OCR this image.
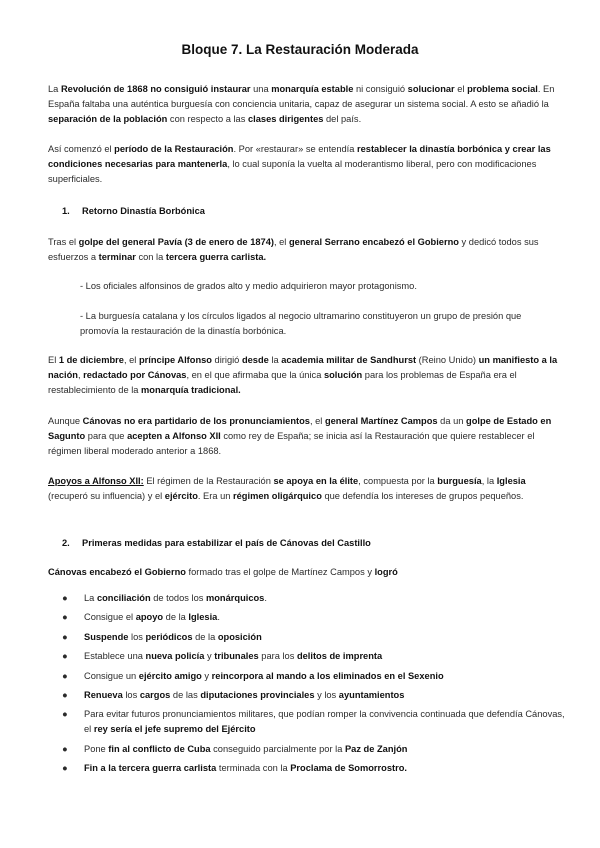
Bloque 7. La Restauración Moderada

La Revolución de 1868 no consiguió instaurar una monarquía estable ni consiguió solucionar el problema social. En España faltaba una auténtica burguesía con conciencia unitaria, capaz de asegurar un sistema social. A esto se añadió la separación de la población con respecto a las clases dirigentes del país.

Así comenzó el período de la Restauración. Por «restaurar» se entendía restablecer la dinastía borbónica y crear las condiciones necesarias para mantenerla, lo cual suponía la vuelta al moderantismo liberal, pero con modificaciones superficiales.

1. Retorno Dinastía Borbónica

Tras el golpe del general Pavía (3 de enero de 1874), el general Serrano encabezó el Gobierno y dedicó todos sus esfuerzos a terminar con la tercera guerra carlista.

- Los oficiales alfonsinos de grados alto y medio adquirieron mayor protagonismo.

- La burguesía catalana y los círculos ligados al negocio ultramarino constituyeron un grupo de presión que promovía la restauración de la dinastía borbónica.

El 1 de diciembre, el príncipe Alfonso dirigió desde la academia militar de Sandhurst (Reino Unido) un manifiesto a la nación, redactado por Cánovas, en el que afirmaba que la única solución para los problemas de España era el restablecimiento de la monarquía tradicional.

Aunque Cánovas no era partidario de los pronunciamientos, el general Martínez Campos da un golpe de Estado en Sagunto para que acepten a Alfonso XII como rey de España; se inicia así la Restauración que quiere restablecer el régimen liberal moderado anterior a 1868.

Apoyos a Alfonso XII: El régimen de la Restauración se apoya en la élite, compuesta por la burguesía, la Iglesia (recuperó su influencia) y el ejército. Era un régimen oligárquico que defendía los intereses de grupos pequeños.

2. Primeras medidas para estabilizar el país de Cánovas del Castillo

Cánovas encabezó el Gobierno formado tras el golpe de Martínez Campos y logró

● La conciliación de todos los monárquicos.
● Consigue el apoyo de la Iglesia.
● Suspende los periódicos de la oposición
● Establece una nueva policía y tribunales para los delitos de imprenta
● Consigue un ejército amigo y reincorpora al mando a los eliminados en el Sexenio
● Renueva los cargos de las diputaciones provinciales y los ayuntamientos
● Para evitar futuros pronunciamientos militares, que podían romper la convivencia continuada que defendía Cánovas, el rey sería el jefe supremo del Ejército
● Pone fin al conflicto de Cuba conseguido parcialmente por la Paz de Zanjón
● Fin a la tercera guerra carlista terminada con la Proclama de Somorrostro.
